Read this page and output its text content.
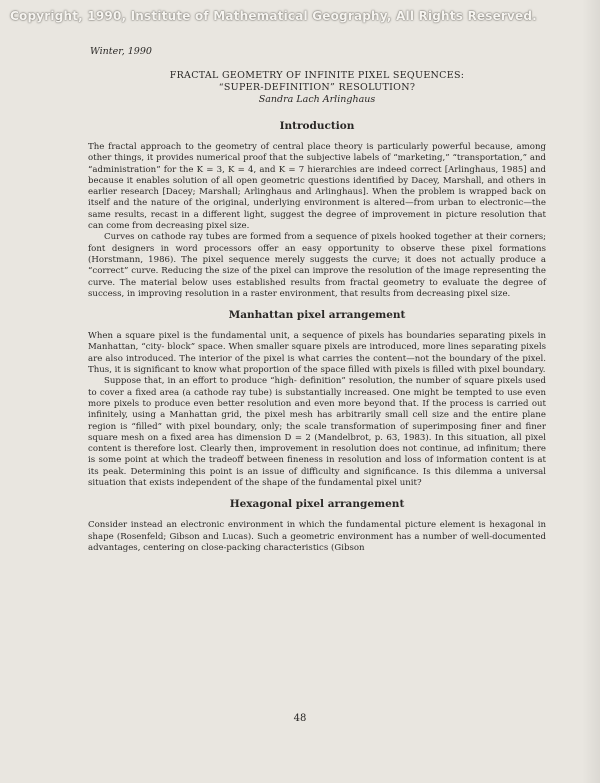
Copyright, 1990, Institute of Mathematical Geography, All Rights Reserved.
Winter, 1990
FRACTAL GEOMETRY OF INFINITE PIXEL SEQUENCES:
“SUPER-DEFINITION” RESOLUTION?
Sandra Lach Arlinghaus
Introduction

The fractal approach to the geometry of central place theory is particularly powerful because, among other things, it provides numerical proof that the subjective labels of “marketing,” “transportation,” and “administration” for the K = 3, K = 4, and K = 7 hierarchies are indeed correct [Arlinghaus, 1985] and because it enables solution of all open geometric questions identified by Dacey, Marshall, and others in earlier research [Dacey; Marshall; Arlinghaus and Arlinghaus]. When the problem is wrapped back on itself and the nature of the original, underlying environment is altered—from urban to electronic—the same results, recast in a different light, suggest the degree of improvement in picture resolution that can come from decreasing pixel size.

Curves on cathode ray tubes are formed from a sequence of pixels hooked together at their corners; font designers in word processors offer an easy opportunity to observe these pixel formations (Horstmann, 1986). The pixel sequence merely suggests the curve; it does not actually produce a “correct” curve. Reducing the size of the pixel can improve the resolution of the image representing the curve. The material below uses established results from fractal geometry to evaluate the degree of success, in improving resolution in a raster environment, that results from decreasing pixel size.

Manhattan pixel arrangement

When a square pixel is the fundamental unit, a sequence of pixels has boundaries separating pixels in Manhattan, “city- block” space. When smaller square pixels are introduced, more lines separating pixels are also introduced. The interior of the pixel is what carries the content—not the boundary of the pixel. Thus, it is significant to know what proportion of the space filled with pixels is filled with pixel boundary.

Suppose that, in an effort to produce “high- definition” resolution, the number of square pixels used to cover a fixed area (a cathode ray tube) is substantially increased. One might be tempted to use even more pixels to produce even better resolution and even more beyond that. If the process is carried out infinitely, using a Manhattan grid, the pixel mesh has arbitrarily small cell size and the entire plane region is “filled” with pixel boundary, only; the scale transformation of superimposing finer and finer square mesh on a fixed area has dimension D = 2 (Mandelbrot, p. 63, 1983). In this situation, all pixel content is therefore lost. Clearly then, improvement in resolution does not continue, ad infinitum; there is some point at which the tradeoff between fineness in resolution and loss of information content is at its peak. Determining this point is an issue of difficulty and significance. Is this dilemma a universal situation that exists independent of the shape of the fundamental pixel unit?

Hexagonal pixel arrangement

Consider instead an electronic environment in which the fundamental picture element is hexagonal in shape (Rosenfeld; Gibson and Lucas). Such a geometric environment has a number of well-documented advantages, centering on close-packing characteristics (Gibson

48
